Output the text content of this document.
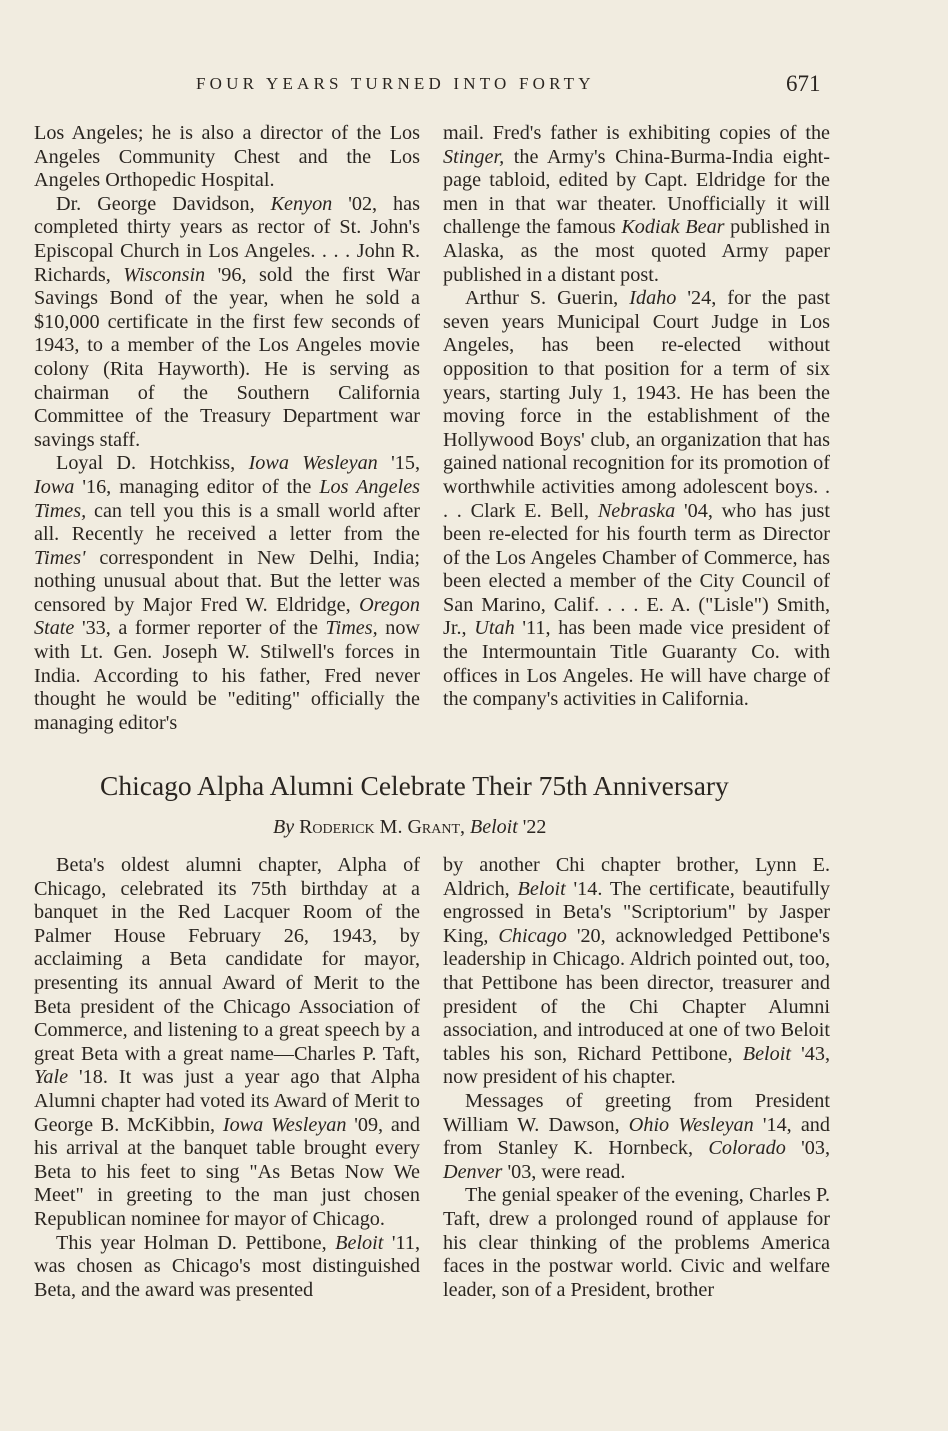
FOUR YEARS TURNED INTO FORTY	671

Los Angeles; he is also a director of the Los Angeles Community Chest and the Los Angeles Orthopedic Hospital.

Dr. George Davidson, Kenyon '02, has completed thirty years as rector of St. John's Episcopal Church in Los Angeles. . . . John R. Richards, Wisconsin '96, sold the first War Savings Bond of the year, when he sold a $10,000 certificate in the first few seconds of 1943, to a member of the Los Angeles movie colony (Rita Hayworth). He is serving as chairman of the Southern California Committee of the Treasury Department war savings staff.

Loyal D. Hotchkiss, Iowa Wesleyan '15, Iowa '16, managing editor of the Los Angeles Times, can tell you this is a small world after all. Recently he received a letter from the Times' correspondent in New Delhi, India; nothing unusual about that. But the letter was censored by Major Fred W. Eldridge, Oregon State '33, a former reporter of the Times, now with Lt. Gen. Joseph W. Stilwell's forces in India. According to his father, Fred never thought he would be "editing" officially the managing editor's

mail. Fred's father is exhibiting copies of the Stinger, the Army's China-Burma-India eight-page tabloid, edited by Capt. Eldridge for the men in that war theater. Unofficially it will challenge the famous Kodiak Bear published in Alaska, as the most quoted Army paper published in a distant post.

Arthur S. Guerin, Idaho '24, for the past seven years Municipal Court Judge in Los Angeles, has been re-elected without opposition to that position for a term of six years, starting July 1, 1943. He has been the moving force in the establishment of the Hollywood Boys' club, an organization that has gained national recognition for its promotion of worthwhile activities among adolescent boys. . . . Clark E. Bell, Nebraska '04, who has just been re-elected for his fourth term as Director of the Los Angeles Chamber of Commerce, has been elected a member of the City Council of San Marino, Calif. . . . E. A. ("Lisle") Smith, Jr., Utah '11, has been made vice president of the Intermountain Title Guaranty Co. with offices in Los Angeles. He will have charge of the company's activities in California.

Chicago Alpha Alumni Celebrate Their 75th Anniversary
By Roderick M. Grant, Beloit '22

Beta's oldest alumni chapter, Alpha of Chicago, celebrated its 75th birthday at a banquet in the Red Lacquer Room of the Palmer House February 26, 1943, by acclaiming a Beta candidate for mayor, presenting its annual Award of Merit to the Beta president of the Chicago Association of Commerce, and listening to a great speech by a great Beta with a great name—Charles P. Taft, Yale '18. It was just a year ago that Alpha Alumni chapter had voted its Award of Merit to George B. McKibbin, Iowa Wesleyan '09, and his arrival at the banquet table brought every Beta to his feet to sing "As Betas Now We Meet" in greeting to the man just chosen Republican nominee for mayor of Chicago.

This year Holman D. Pettibone, Beloit '11, was chosen as Chicago's most distinguished Beta, and the award was presented

by another Chi chapter brother, Lynn E. Aldrich, Beloit '14. The certificate, beautifully engrossed in Beta's "Scriptorium" by Jasper King, Chicago '20, acknowledged Pettibone's leadership in Chicago. Aldrich pointed out, too, that Pettibone has been director, treasurer and president of the Chi Chapter Alumni association, and introduced at one of two Beloit tables his son, Richard Pettibone, Beloit '43, now president of his chapter.

Messages of greeting from President William W. Dawson, Ohio Wesleyan '14, and from Stanley K. Hornbeck, Colorado '03, Denver '03, were read.

The genial speaker of the evening, Charles P. Taft, drew a prolonged round of applause for his clear thinking of the problems America faces in the postwar world. Civic and welfare leader, son of a President, brother
